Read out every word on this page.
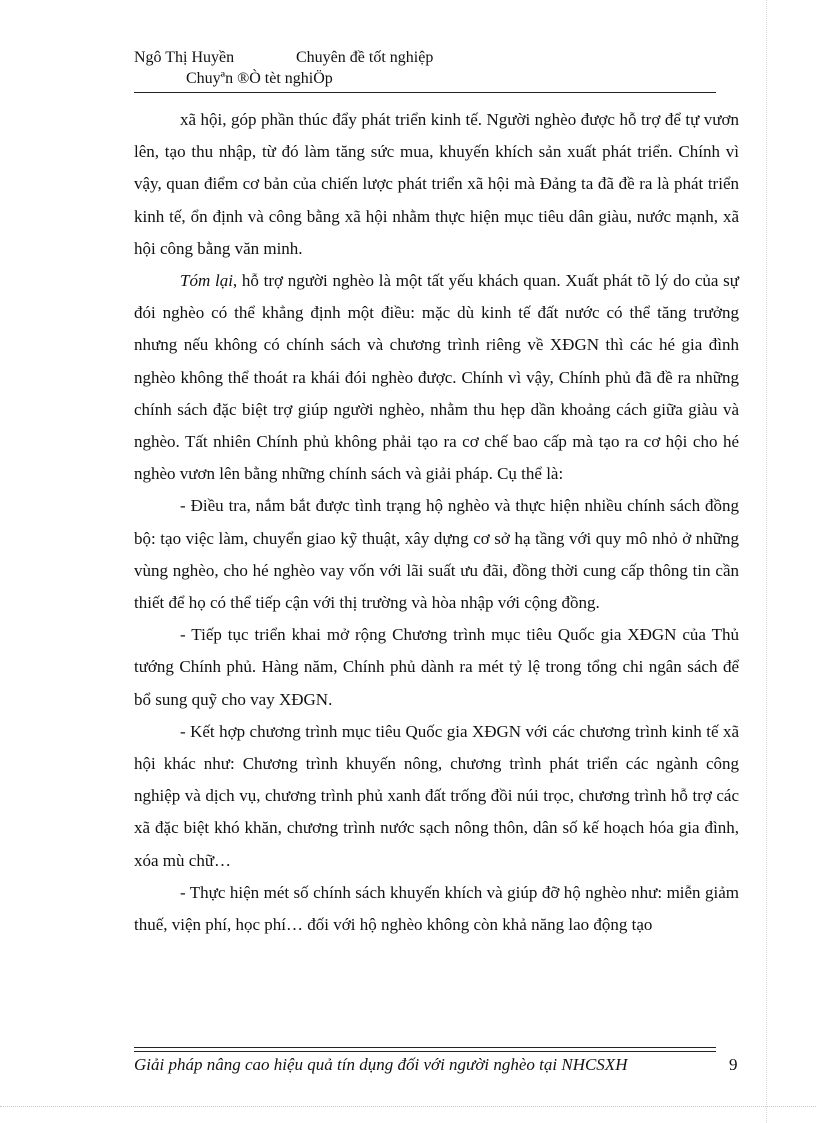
Ngô Thị Huyền	Chuyên đề tốt nghiệp
Chuyªn ®Ò tèt nghiÖp

xã hội, góp phần thúc đẩy phát triển kinh tế. Người nghèo được hỗ trợ để tự vươn lên, tạo thu nhập, từ đó làm tăng sức mua, khuyến khích sản xuất phát triển. Chính vì vậy, quan điểm cơ bản của chiến lược phát triển xã hội mà Đảng ta đã đề ra là phát triển kinh tế, ổn định và công bằng xã hội nhằm thực hiện mục tiêu dân giàu, nước mạnh, xã hội công bằng văn minh.

Tóm lại, hỗ trợ người nghèo là một tất yếu khách quan. Xuất phát tõ lý do của sự đói nghèo có thể khẳng định một điều: mặc dù kinh tế đất nước có thể tăng trưởng nhưng nếu không có chính sách và chương trình riêng về XĐGN thì các hé gia đình nghèo không thể thoát ra khái đói nghèo được. Chính vì vậy, Chính phủ đã đề ra những chính sách đặc biệt trợ giúp người nghèo, nhằm thu hẹp dần khoảng cách giữa giàu và nghèo. Tất nhiên Chính phủ không phải tạo ra cơ chế bao cấp mà tạo ra cơ hội cho hé nghèo vươn lên bằng những chính sách và giải pháp. Cụ thể là:

- Điều tra, nắm bắt được tình trạng hộ nghèo và thực hiện nhiều chính sách đồng bộ: tạo việc làm, chuyển giao kỹ thuật, xây dựng cơ sở hạ tầng với quy mô nhỏ ở những vùng nghèo, cho hé nghèo vay vốn với lãi suất ưu đãi, đồng thời cung cấp thông tin cần thiết để họ có thể tiếp cận với thị trường và hòa nhập với cộng đồng.

- Tiếp tục triển khai mở rộng Chương trình mục tiêu Quốc gia XĐGN của Thủ tướng Chính phủ. Hàng năm, Chính phủ dành ra mét tỷ lệ trong tổng chi ngân sách để bổ sung quỹ cho vay XĐGN.

- Kết hợp chương trình mục tiêu Quốc gia XĐGN với các chương trình kinh tế xã hội khác như: Chương trình khuyến nông, chương trình phát triển các ngành công nghiệp và dịch vụ, chương trình phủ xanh đất trống đồi núi trọc, chương trình hỗ trợ các xã đặc biệt khó khăn, chương trình nước sạch nông thôn, dân số kế hoạch hóa gia đình, xóa mù chữ…

- Thực hiện mét số chính sách khuyến khích và giúp đỡ hộ nghèo như: miễn giảm thuế, viện phí, học phí… đối với hộ nghèo không còn khả năng lao động tạo

Giải pháp nâng cao hiệu quả tín dụng đối với người nghèo tại NHCSXH	9
